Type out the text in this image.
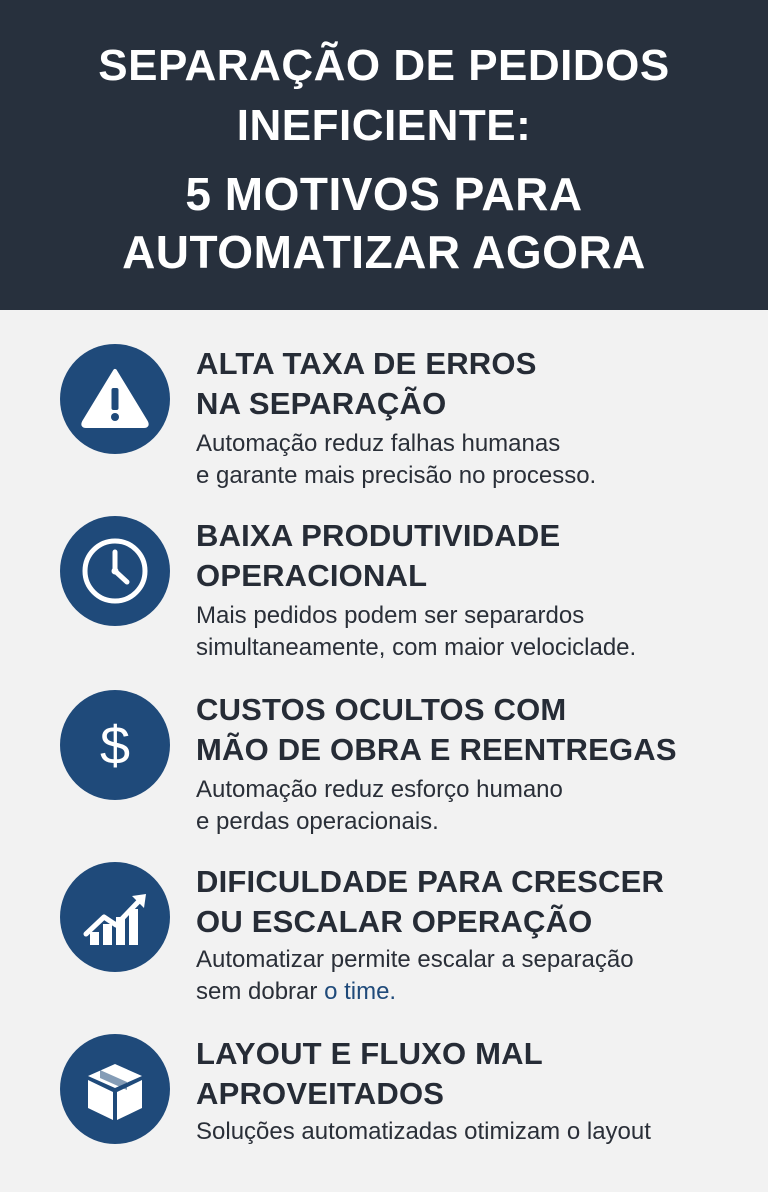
SEPARAÇÃO DE PEDIDOS
INEFICIENTE:
5 MOTIVOS PARA
AUTOMATIZAR AGORA
ALTA TAXA DE ERROS
NA SEPARAÇÃO
Automação reduz falhas humanas
e garante mais precisão no processo.
BAIXA PRODUTIVIDADE
OPERACIONAL
Mais pedidos podem ser separardos
simultaneamente, com maior velociclade.
$
CUSTOS OCULTOS COM
MÃO DE OBRA E REENTREGAS
Automação reduz esforço humano
e perdas operacionais.
DIFICULDADE PARA CRESCER
OU ESCALAR OPERAÇÃO
Automatizar permite escalar a separação
sem dobrar o time.
LAYOUT E FLUXO MAL
APROVEITADOS
Soluções automatizadas otimizam o layout
